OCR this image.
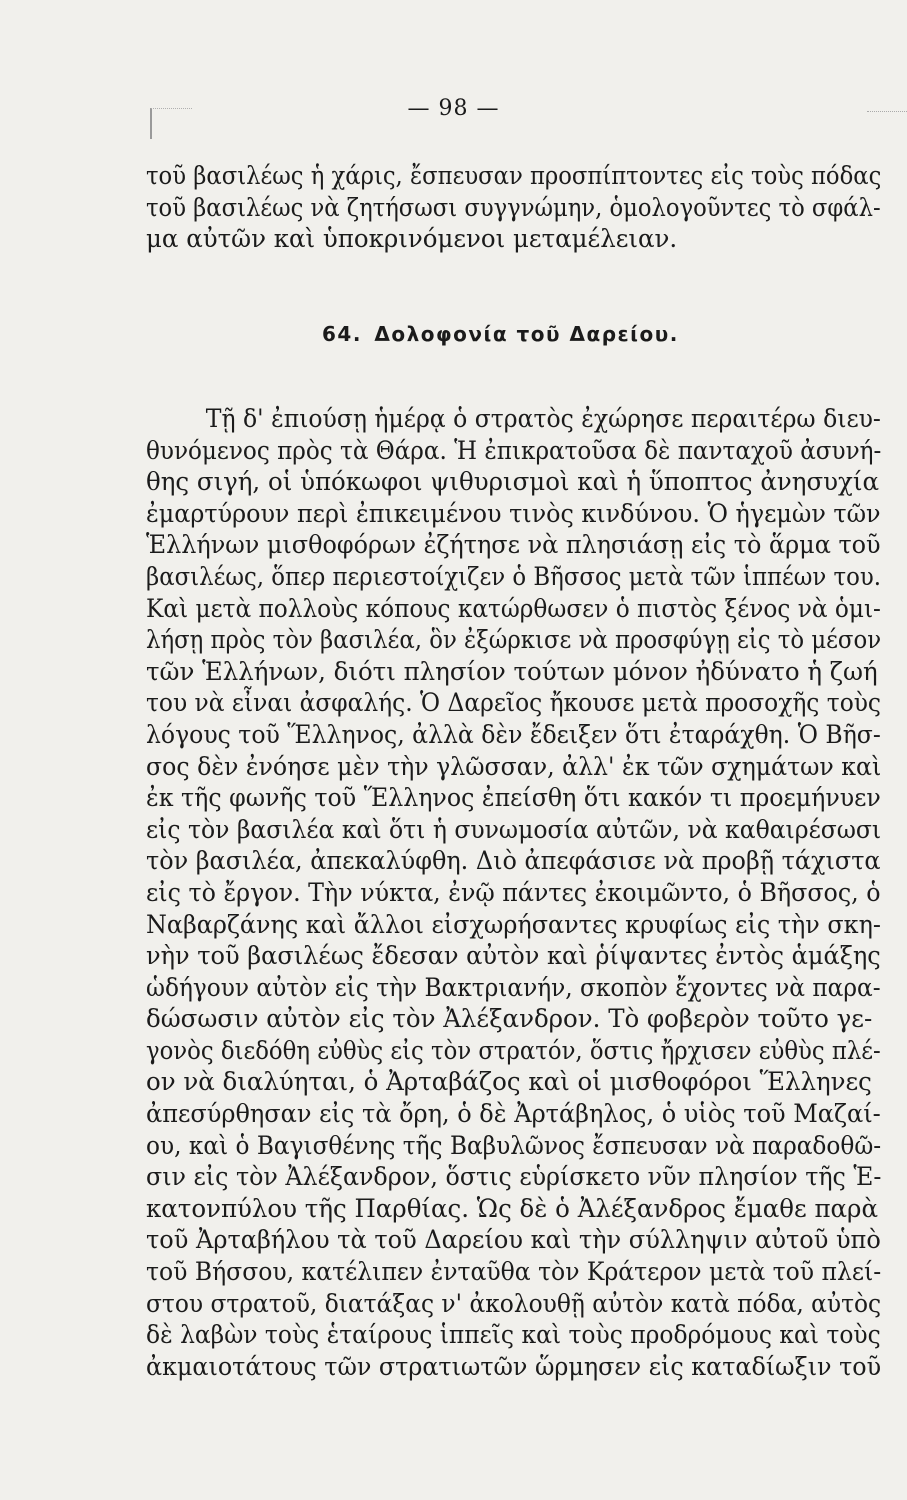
— 98 —
τοῦ βασιλέως ἡ χάρις, ἔσπευσαν προσπίπτοντες εἰς τοὺς πόδας
τοῦ βασιλέως νὰ ζητήσωσι συγγνώμην, ὁμολογοῦντες τὸ σφάλ-
μα αὐτῶν καὶ ὑποκρινόμενοι μεταμέλειαν.
64. Δολοφονία τοῦ Δαρείου.
Τῇ δ' ἐπιούσῃ ἡμέρᾳ ὁ στρατὸς ἐχώρησε περαιτέρω διευ-
θυνόμενος πρὸς τὰ Θάρα. Ἡ ἐπικρατοῦσα δὲ πανταχοῦ ἀσυνή-
θης σιγή, οἱ ὑπόκωφοι ψιθυρισμοὶ καὶ ἡ ὕποπτος ἀνησυχία
ἐμαρτύρουν περὶ ἐπικειμένου τινὸς κινδύνου. Ὁ ἡγεμὼν τῶν
Ἑλλήνων μισθοφόρων ἐζήτησε νὰ πλησιάσῃ εἰς τὸ ἅρμα τοῦ
βασιλέως, ὅπερ περιεστοίχιζεν ὁ Βῆσσος μετὰ τῶν ἱππέων του.
Καὶ μετὰ πολλοὺς κόπους κατώρθωσεν ὁ πιστὸς ξένος νὰ ὁμι-
λήσῃ πρὸς τὸν βασιλέα, ὃν ἐξώρκισε νὰ προσφύγῃ εἰς τὸ μέσον
τῶν Ἑλλήνων, διότι πλησίον τούτων μόνον ἠδύνατο ἡ ζωή
του νὰ εἶναι ἀσφαλής. Ὁ Δαρεῖος ἤκουσε μετὰ προσοχῆς τοὺς
λόγους τοῦ Ἕλληνος, ἀλλὰ δὲν ἔδειξεν ὅτι ἐταράχθη. Ὁ Βῆσ-
σος δὲν ἐνόησε μὲν τὴν γλῶσσαν, ἀλλ' ἐκ τῶν σχημάτων καὶ
ἐκ τῆς φωνῆς τοῦ Ἕλληνος ἐπείσθη ὅτι κακόν τι προεμήνυεν
εἰς τὸν βασιλέα καὶ ὅτι ἡ συνωμοσία αὐτῶν, νὰ καθαιρέσωσι
τὸν βασιλέα, ἀπεκαλύφθη. Διὸ ἀπεφάσισε νὰ προβῇ τάχιστα
εἰς τὸ ἔργον. Τὴν νύκτα, ἐνῷ πάντες ἐκοιμῶντο, ὁ Βῆσσος, ὁ
Ναβαρζάνης καὶ ἄλλοι εἰσχωρήσαντες κρυφίως εἰς τὴν σκη-
νὴν τοῦ βασιλέως ἔδεσαν αὐτὸν καὶ ῥίψαντες ἐντὸς ἁμάξης
ὡδήγουν αὐτὸν εἰς τὴν Βακτριανήν, σκοπὸν ἔχοντες νὰ παρα-
δώσωσιν αὐτὸν εἰς τὸν Ἀλέξανδρον. Τὸ φοβερὸν τοῦτο γε-
γονὸς διεδόθη εὐθὺς εἰς τὸν στρατόν, ὅστις ἤρχισεν εὐθὺς πλέ-
ον νὰ διαλύηται, ὁ Ἀρταβάζος καὶ οἱ μισθοφόροι Ἕλληνες
ἀπεσύρθησαν εἰς τὰ ὄρη, ὁ δὲ Ἀρτάβηλος, ὁ υἱὸς τοῦ Μαζαί-
ου, καὶ ὁ Βαγισθένης τῆς Βαβυλῶνος ἔσπευσαν νὰ παραδοθῶ-
σιν εἰς τὸν Ἀλέξανδρον, ὅστις εὑρίσκετο νῦν πλησίον τῆς Ἑ-
κατονπύλου τῆς Παρθίας. Ὡς δὲ ὁ Ἀλέξανδρος ἔμαθε παρὰ
τοῦ Ἀρταβήλου τὰ τοῦ Δαρείου καὶ τὴν σύλληψιν αὐτοῦ ὑπὸ
τοῦ Βήσσου, κατέλιπεν ἐνταῦθα τὸν Κράτερον μετὰ τοῦ πλεί-
στου στρατοῦ, διατάξας ν' ἀκολουθῇ αὐτὸν κατὰ πόδα, αὐτὸς
δὲ λαβὼν τοὺς ἑταίρους ἱππεῖς καὶ τοὺς προδρόμους καὶ τοὺς
ἀκμαιοτάτους τῶν στρατιωτῶν ὥρμησεν εἰς καταδίωξιν τοῦ
